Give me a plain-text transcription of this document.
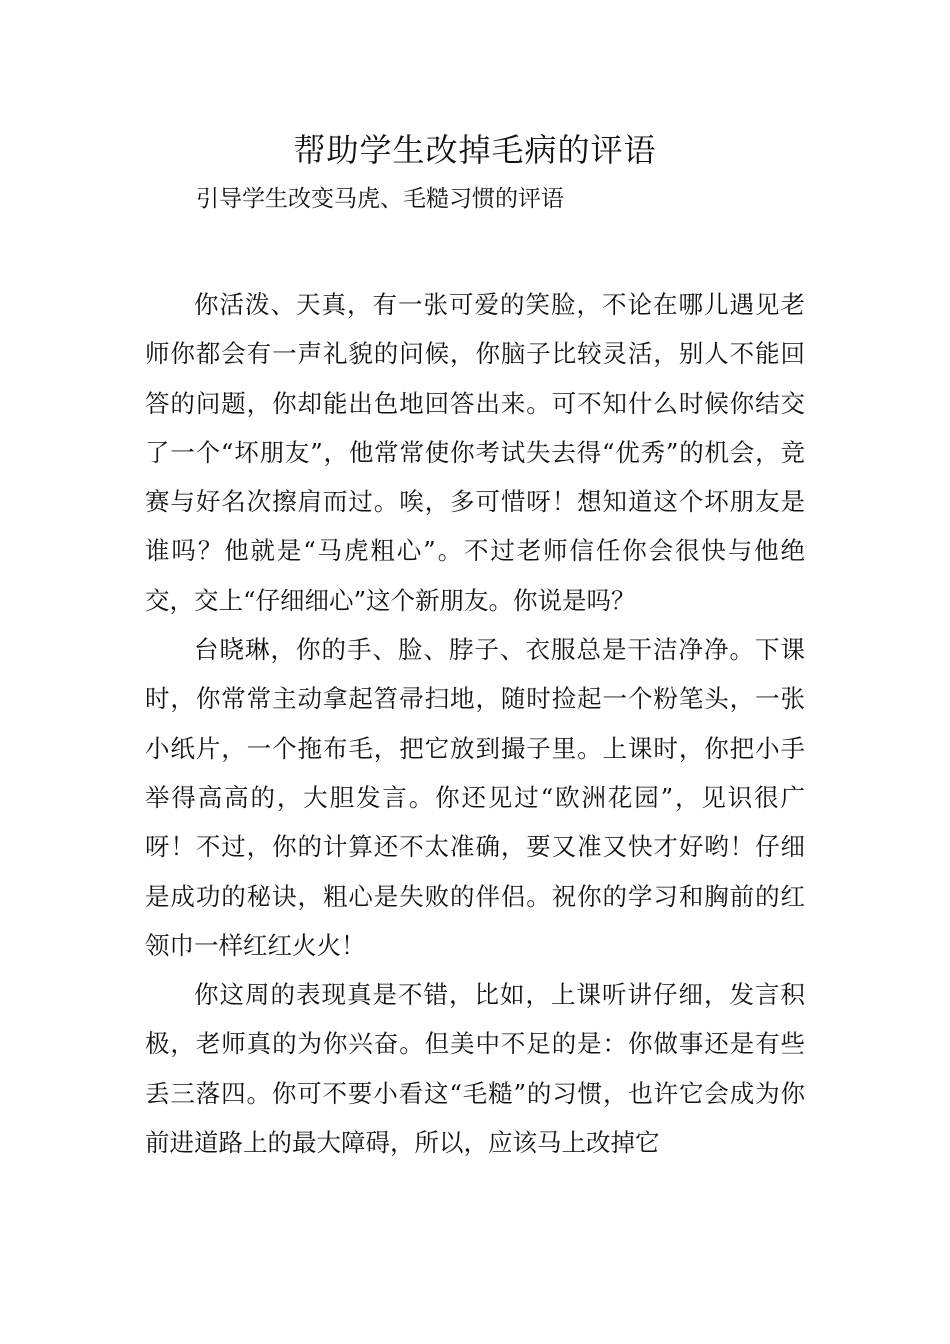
帮助学生改掉毛病的评语

引导学生改变马虎、毛糙习惯的评语

你活泼、天真，有一张可爱的笑脸，不论在哪儿遇见老师你都会有一声礼貌的问候，你脑子比较灵活，别人不能回答的问题，你却能出色地回答出来。可不知什么时候你结交了一个“坏朋友”，他常常使你考试失去得“优秀”的机会，竞赛与好名次擦肩而过。唉，多可惜呀！想知道这个坏朋友是谁吗？他就是“马虎粗心”。不过老师信任你会很快与他绝交，交上“仔细细心”这个新朋友。你说是吗？

台晓琳，你的手、脸、脖子、衣服总是干洁净净。下课时，你常常主动拿起笤帚扫地，随时捡起一个粉笔头，一张小纸片，一个拖布毛，把它放到撮子里。上课时，你把小手举得高高的，大胆发言。你还见过“欧洲花园”，见识很广呀！不过，你的计算还不太准确，要又准又快才好哟！仔细是成功的秘诀，粗心是失败的伴侣。祝你的学习和胸前的红领巾一样红红火火！

你这周的表现真是不错，比如，上课听讲仔细，发言积极，老师真的为你兴奋。但美中不足的是：你做事还是有些丢三落四。你可不要小看这“毛糙”的习惯，也许它会成为你前进道路上的最大障碍，所以，应该马上改掉它
